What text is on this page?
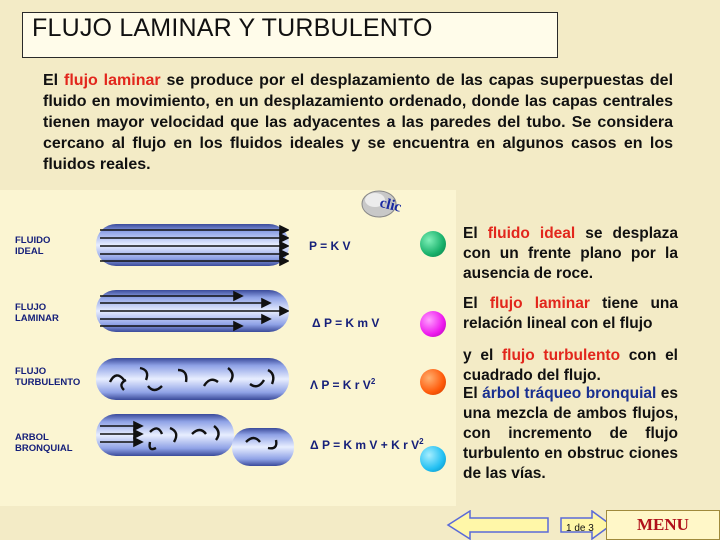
FLUJO LAMINAR Y TURBULENTO
El flujo laminar se produce por el desplazamiento de las capas superpuestas del fluido en movimiento, en un desplazamiento ordenado, donde las capas centrales tienen mayor velocidad que las adyacentes a las paredes del tubo. Se considera cercano al flujo en los fluidos ideales y se encuentra en algunos casos en los fluidos reales.
clic
FLUIDO
IDEAL
FLUJO
LAMINAR
FLUJO
TURBULENTO
ARBOL
BRONQUIAL
P = K V
Δ P = K m V
Λ P = K r $V^2$
Δ P = K m V + K r $V^2$
El fluido ideal se desplaza con un frente plano por la ausencia de roce.
El flujo laminar tiene una relación lineal con el flujo
y el flujo turbulento con el cuadrado del flujo.
El árbol tráqueo bronquial es una mezcla de ambos flujos, con incremento de flujo turbulento en obstruc ciones de las vías.
1 de 3	MENU
